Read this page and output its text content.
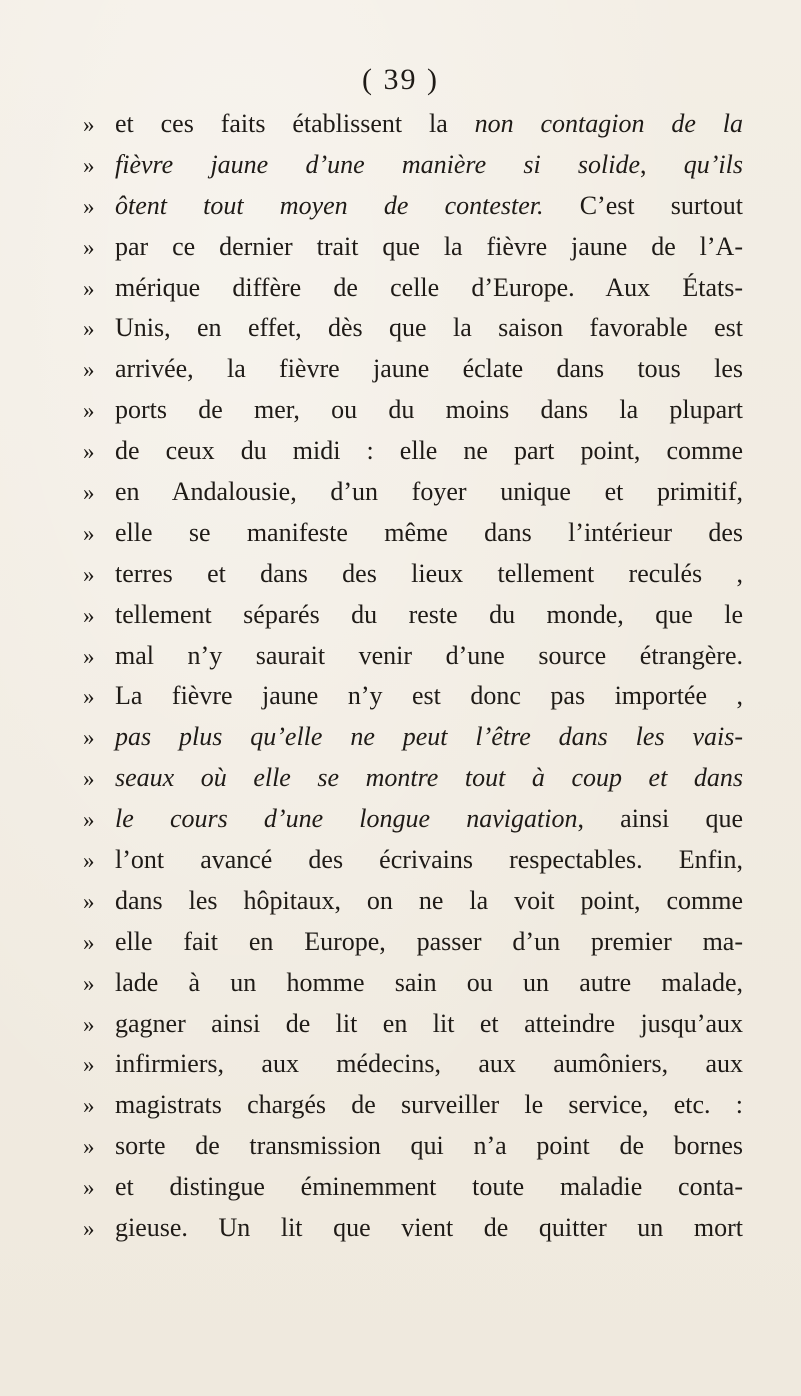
( 39 )
» et ces faits établissent la non contagion de la
» fièvre jaune d’une manière si solide, qu’ils
» ôtent tout moyen de contester. C’est surtout
» par ce dernier trait que la fièvre jaune de l’A-
» mérique diffère de celle d’Europe. Aux États-
» Unis, en effet, dès que la saison favorable est
» arrivée, la fièvre jaune éclate dans tous les
» ports de mer, ou du moins dans la plupart
» de ceux du midi : elle ne part point, comme
» en Andalousie, d’un foyer unique et primitif,
» elle se manifeste même dans l’intérieur des
» terres et dans des lieux tellement reculés ,
» tellement séparés du reste du monde, que le
» mal n’y saurait venir d’une source étrangère.
» La fièvre jaune n’y est donc pas importée ,
» pas plus qu’elle ne peut l’être dans les vais-
» seaux où elle se montre tout à coup et dans
» le cours d’une longue navigation, ainsi que
» l’ont avancé des écrivains respectables. Enfin,
» dans les hôpitaux, on ne la voit point, comme
» elle fait en Europe, passer d’un premier ma-
» lade à un homme sain ou un autre malade,
» gagner ainsi de lit en lit et atteindre jusqu’aux
» infirmiers, aux médecins, aux aumôniers, aux
» magistrats chargés de surveiller le service, etc. :
» sorte de transmission qui n’a point de bornes
» et distingue éminemment toute maladie conta-
» gieuse. Un lit que vient de quitter un mort
